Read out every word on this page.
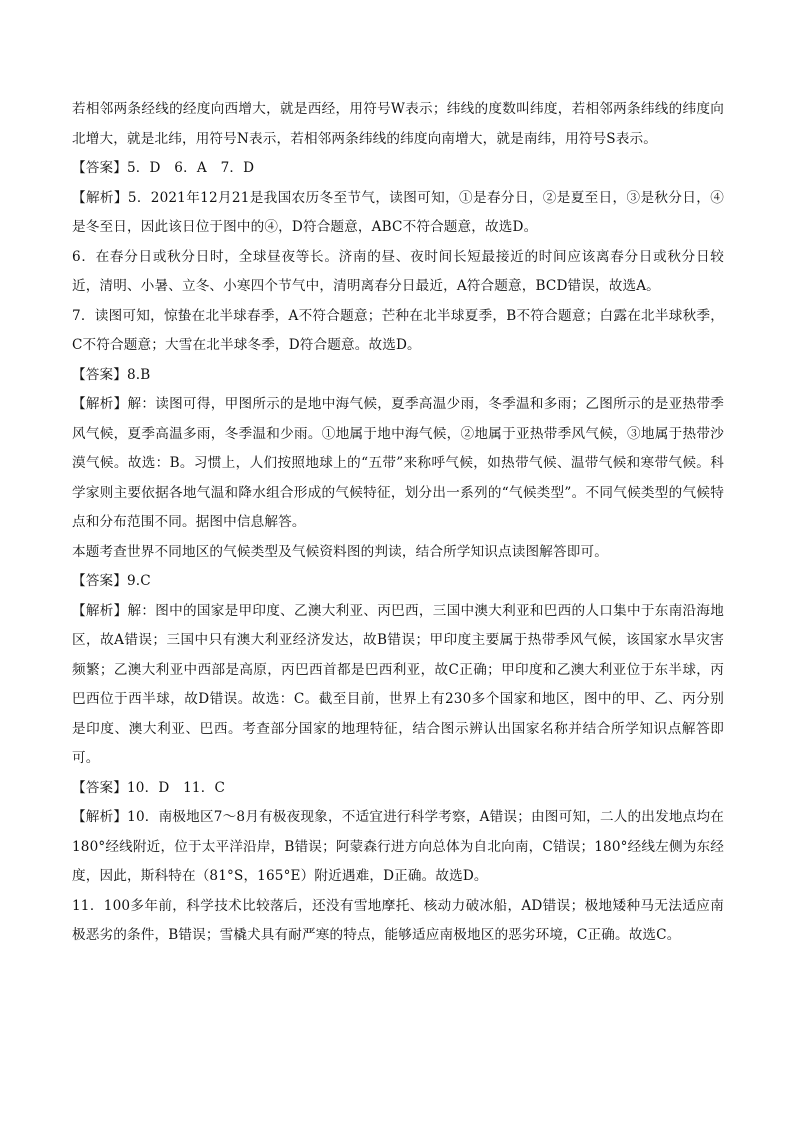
若相邻两条经线的经度向西增大，就是西经，用符号W表示；纬线的度数叫纬度，若相邻两条纬线的纬度向北增大，就是北纬，用符号N表示，若相邻两条纬线的纬度向南增大，就是南纬，用符号S表示。

【答案】5．D　6．A　7．D

【解析】5．2021年12月21是我国农历冬至节气，读图可知，①是春分日，②是夏至日，③是秋分日，④是冬至日，因此该日位于图中的④，D符合题意，ABC不符合题意，故选D。

6．在春分日或秋分日时，全球昼夜等长。济南的昼、夜时间长短最接近的时间应该离春分日或秋分日较近，清明、小暑、立冬、小寒四个节气中，清明离春分日最近，A符合题意，BCD错误，故选A。

7．读图可知，惊蛰在北半球春季，A不符合题意；芒种在北半球夏季，B不符合题意；白露在北半球秋季，C不符合题意；大雪在北半球冬季，D符合题意。故选D。

【答案】8.B

【解析】解：读图可得，甲图所示的是地中海气候，夏季高温少雨，冬季温和多雨；乙图所示的是亚热带季风气候，夏季高温多雨，冬季温和少雨。①地属于地中海气候，②地属于亚热带季风气候，③地属于热带沙漠气候。故选：B。习惯上，人们按照地球上的“五带”来称呼气候，如热带气候、温带气候和寒带气候。科学家则主要依据各地气温和降水组合形成的气候特征，划分出一系列的“气候类型”。不同气候类型的气候特点和分布范围不同。据图中信息解答。

本题考查世界不同地区的气候类型及气候资料图的判读，结合所学知识点读图解答即可。

【答案】9.C

【解析】解：图中的国家是甲印度、乙澳大利亚、丙巴西，三国中澳大利亚和巴西的人口集中于东南沿海地区，故A错误；三国中只有澳大利亚经济发达，故B错误；甲印度主要属于热带季风气候，该国家水旱灾害频繁；乙澳大利亚中西部是高原，丙巴西首都是巴西利亚，故C正确；甲印度和乙澳大利亚位于东半球，丙巴西位于西半球，故D错误。故选：C。截至目前，世界上有230多个国家和地区，图中的甲、乙、丙分别是印度、澳大利亚、巴西。考查部分国家的地理特征，结合图示辨认出国家名称并结合所学知识点解答即可。

【答案】10．D　11．C

【解析】10．南极地区7～8月有极夜现象，不适宜进行科学考察，A错误；由图可知，二人的出发地点均在180°经线附近，位于太平洋沿岸，B错误；阿蒙森行进方向总体为自北向南，C错误；180°经线左侧为东经度，因此，斯科特在（81°S，165°E）附近遇难，D正确。故选D。

11．100多年前，科学技术比较落后，还没有雪地摩托、核动力破冰船，AD错误；极地矮种马无法适应南极恶劣的条件，B错误；雪橇犬具有耐严寒的特点，能够适应南极地区的恶劣环境，C正确。故选C。
